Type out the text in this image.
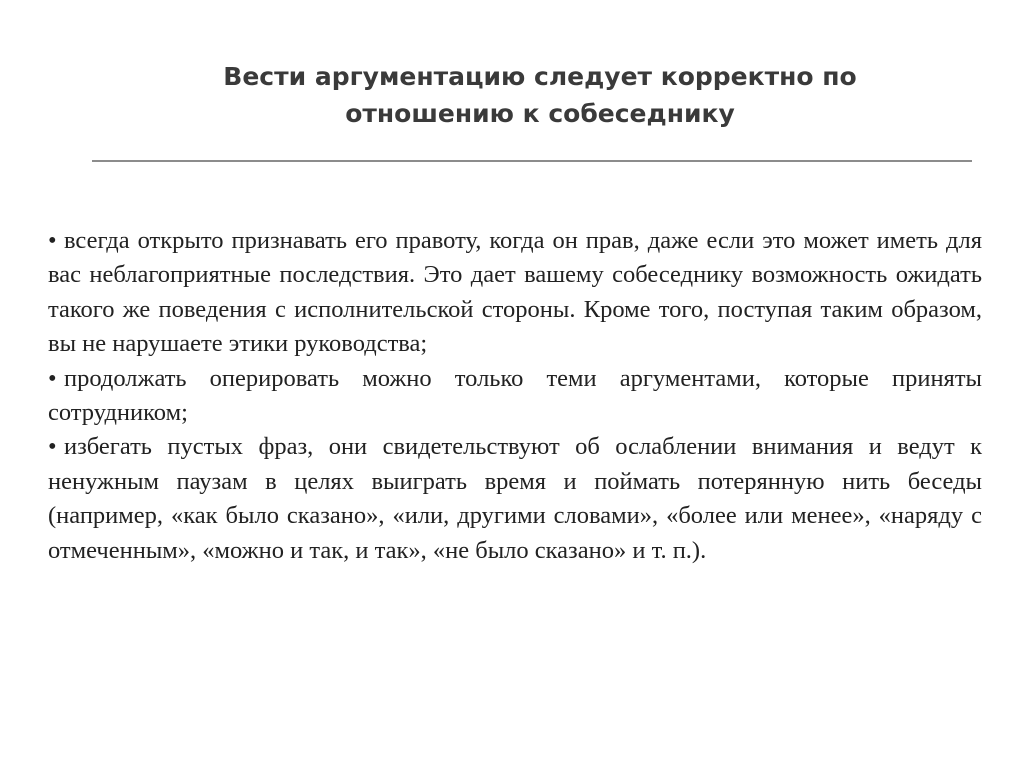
Вести аргументацию следует корректно по
отношению к собеседнику
• всегда открыто признавать его правоту, когда он прав, даже если это может иметь для вас неблагоприятные последствия. Это дает вашему собеседнику возможность ожидать такого же поведения с исполнительской стороны. Кроме того, поступая таким образом, вы не нарушаете этики руководства;
• продолжать оперировать можно только теми аргументами, которые приняты сотрудником;
• избегать пустых фраз, они свидетельствуют об ослаблении внимания и ведут к ненужным паузам в целях выиграть время и поймать потерянную нить беседы (например, «как было сказано», «или, другими словами», «более или менее», «наряду с отмеченным», «можно и так, и так», «не было сказано» и т. п.).
